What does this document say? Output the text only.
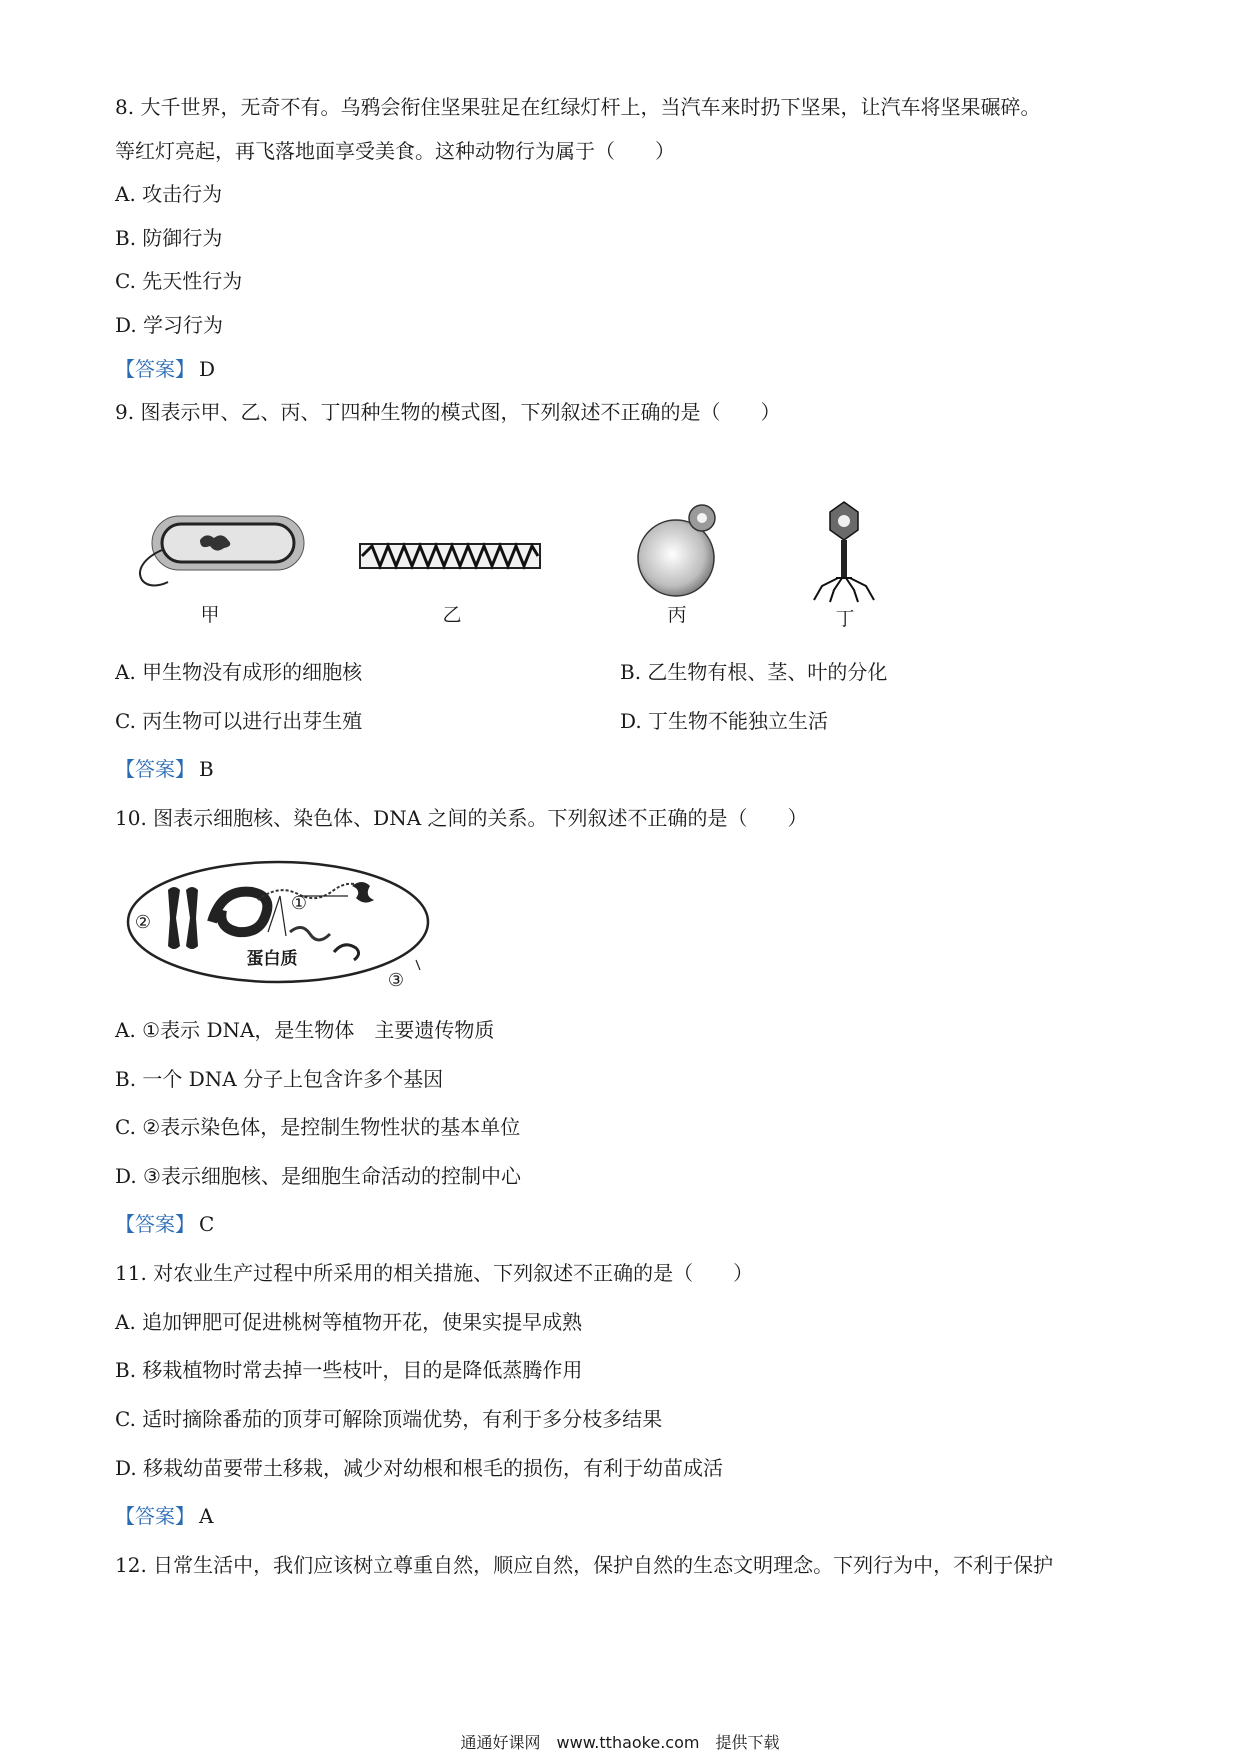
8. 大千世界，无奇不有。乌鸦会衔住坚果驻足在红绿灯杆上，当汽车来时扔下坚果，让汽车将坚果碾碎。
等红灯亮起，再飞落地面享受美食。这种动物行为属于（　　）
A. 攻击行为
B. 防御行为
C. 先天性行为
D. 学习行为
【答案】 D
9. 图表示甲、乙、丙、丁四种生物的模式图，下列叙述不正确的是（　　）
甲	乙	丙	丁
A. 甲生物没有成形的细胞核	B. 乙生物有根、茎、叶的分化
C. 丙生物可以进行出芽生殖	D. 丁生物不能独立生活
【答案】 B
10. 图表示细胞核、染色体、DNA 之间的关系。下列叙述不正确的是（　　）
①
②
③
蛋白质
A. ①表示 DNA，是生物体　主要遗传物质
B. 一个 DNA 分子上包含许多个基因
C. ②表示染色体，是控制生物性状的基本单位
D. ③表示细胞核、是细胞生命活动的控制中心
【答案】 C
11. 对农业生产过程中所采用的相关措施、下列叙述不正确的是（　　）
A. 追加钾肥可促进桃树等植物开花，使果实提早成熟
B. 移栽植物时常去掉一些枝叶，目的是降低蒸腾作用
C. 适时摘除番茄的顶芽可解除顶端优势，有利于多分枝多结果
D. 移栽幼苗要带土移栽，减少对幼根和根毛的损伤，有利于幼苗成活
【答案】 A
12. 日常生活中，我们应该树立尊重自然，顺应自然，保护自然的生态文明理念。下列行为中，不利于保护
通通好课网　www.tthaoke.com　提供下载
